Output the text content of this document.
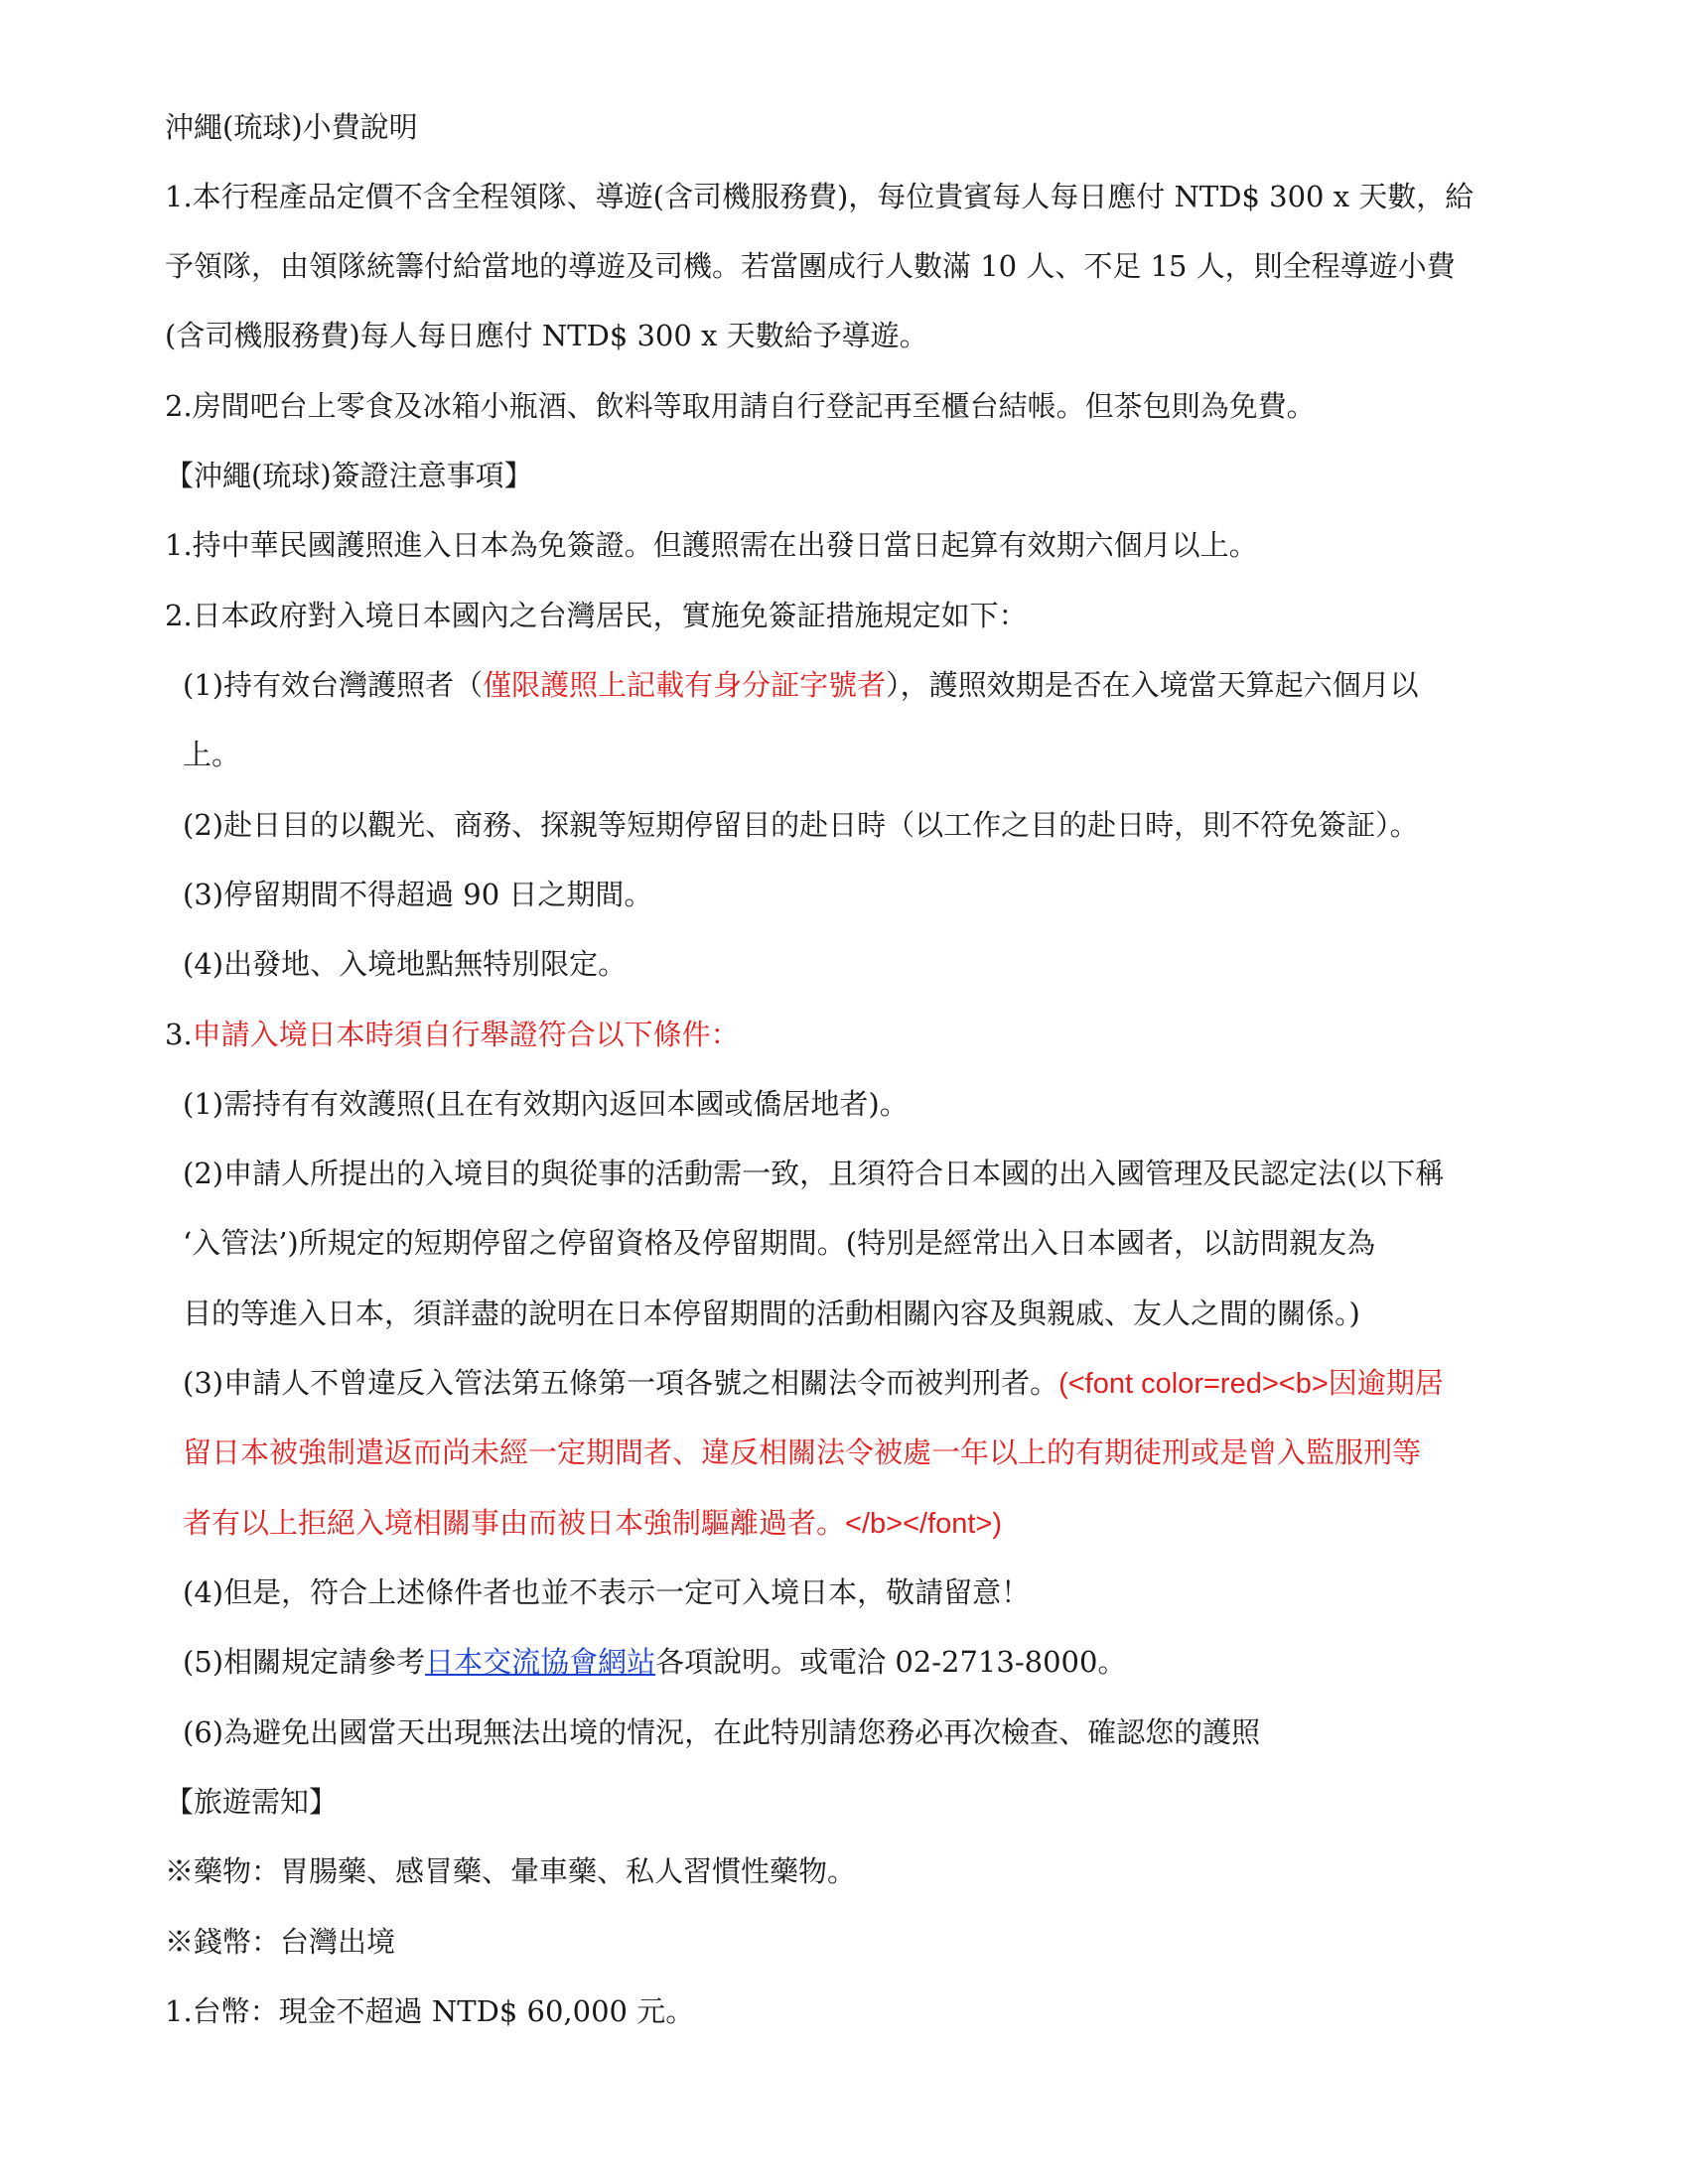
沖繩(琉球)小費說明
1.本行程產品定價不含全程領隊、導遊(含司機服務費)，每位貴賓每人每日應付 NTD$ 300 x 天數，給
予領隊，由領隊統籌付給當地的導遊及司機。若當團成行人數滿 10 人、不足 15 人，則全程導遊小費
(含司機服務費)每人每日應付 NTD$ 300 x 天數給予導遊。
2.房間吧台上零食及冰箱小瓶酒、飲料等取用請自行登記再至櫃台結帳。但茶包則為免費。
【沖繩(琉球)簽證注意事項】
1.持中華民國護照進入日本為免簽證。但護照需在出發日當日起算有效期六個月以上。
2.日本政府對入境日本國內之台灣居民，實施免簽証措施規定如下：
(1)持有效台灣護照者（僅限護照上記載有身分証字號者），護照效期是否在入境當天算起六個月以
上。
(2)赴日目的以觀光、商務、探親等短期停留目的赴日時（以工作之目的赴日時，則不符免簽証）。
(3)停留期間不得超過 90 日之期間。
(4)出發地、入境地點無特別限定。
3.申請入境日本時須自行舉證符合以下條件：
(1)需持有有效護照(且在有效期內返回本國或僑居地者)。
(2)申請人所提出的入境目的與從事的活動需一致，且須符合日本國的出入國管理及民認定法(以下稱
‘入管法’)所規定的短期停留之停留資格及停留期間。(特別是經常出入日本國者，以訪問親友為
目的等進入日本，須詳盡的說明在日本停留期間的活動相關內容及與親戚、友人之間的關係。)
(3)申請人不曾違反入管法第五條第一項各號之相關法令而被判刑者。(<font color=red><b>因逾期居
留日本被強制遣返而尚未經一定期間者、違反相關法令被處一年以上的有期徒刑或是曾入監服刑等
者有以上拒絕入境相關事由而被日本強制驅離過者。</b></font>)
(4)但是，符合上述條件者也並不表示一定可入境日本，敬請留意！
(5)相關規定請參考日本交流協會網站各項說明。或電洽 02-2713-8000。
(6)為避免出國當天出現無法出境的情況，在此特別請您務必再次檢查、確認您的護照
【旅遊需知】
※藥物：胃腸藥、感冒藥、暈車藥、私人習慣性藥物。
※錢幣：台灣出境
1.台幣：現金不超過 NTD$ 60,000 元。
